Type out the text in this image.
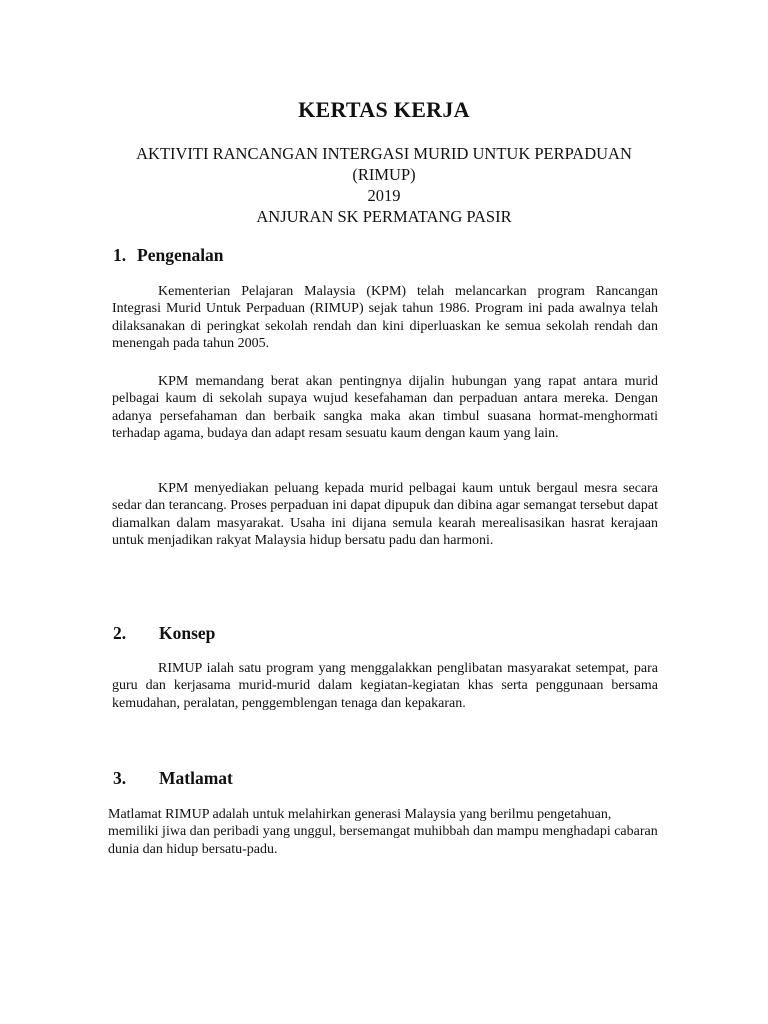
KERTAS KERJA
AKTIVITI RANCANGAN INTERGASI MURID UNTUK PERPADUAN
(RIMUP)
2019
ANJURAN SK PERMATANG PASIR
1. Pengenalan

Kementerian Pelajaran Malaysia (KPM) telah melancarkan program Rancangan Integrasi Murid Untuk Perpaduan (RIMUP) sejak tahun 1986. Program ini pada awalnya telah dilaksanakan di peringkat sekolah rendah dan kini diperluaskan ke semua sekolah rendah dan menengah pada tahun 2005.

KPM memandang berat akan pentingnya dijalin hubungan yang rapat antara murid pelbagai kaum di sekolah supaya wujud kesefahaman dan perpaduan antara mereka. Dengan adanya persefahaman dan berbaik sangka maka akan timbul suasana hormat-menghormati terhadap agama, budaya dan adapt resam sesuatu kaum dengan kaum yang lain.

KPM menyediakan peluang kepada murid pelbagai kaum untuk bergaul mesra secara sedar dan terancang. Proses perpaduan ini dapat dipupuk dan dibina agar semangat tersebut dapat diamalkan dalam masyarakat. Usaha ini dijana semula kearah merealisasikan hasrat kerajaan untuk menjadikan rakyat Malaysia hidup bersatu padu dan harmoni.

2. Konsep

RIMUP ialah satu program yang menggalakkan penglibatan masyarakat setempat, para guru dan kerjasama murid-murid dalam kegiatan-kegiatan khas serta penggunaan bersama kemudahan, peralatan, penggemblengan tenaga dan kepakaran.

3. Matlamat

Matlamat RIMUP adalah untuk melahirkan generasi Malaysia yang berilmu pengetahuan, memiliki jiwa dan peribadi yang unggul, bersemangat muhibbah dan mampu menghadapi cabaran dunia dan hidup bersatu-padu.
